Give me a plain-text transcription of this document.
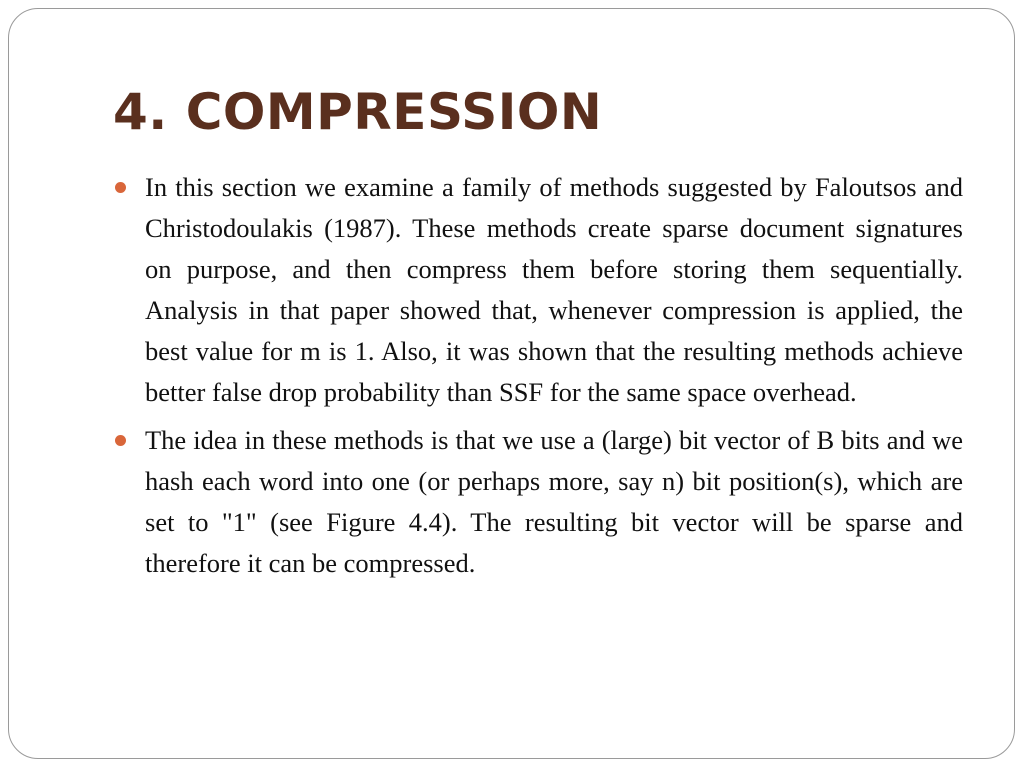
4. COMPRESSION
In this section we examine a family of methods suggested by Faloutsos and Christodoulakis (1987). These methods create sparse document signatures on purpose, and then compress them before storing them sequentially. Analysis in that paper showed that, whenever compression is applied, the best value for m is 1. Also, it was shown that the resulting methods achieve better false drop probability than SSF for the same space overhead.
The idea in these methods is that we use a (large) bit vector of B bits and we hash each word into one (or perhaps more, say n) bit position(s), which are set to "1" (see Figure 4.4). The resulting bit vector will be sparse and therefore it can be compressed.
